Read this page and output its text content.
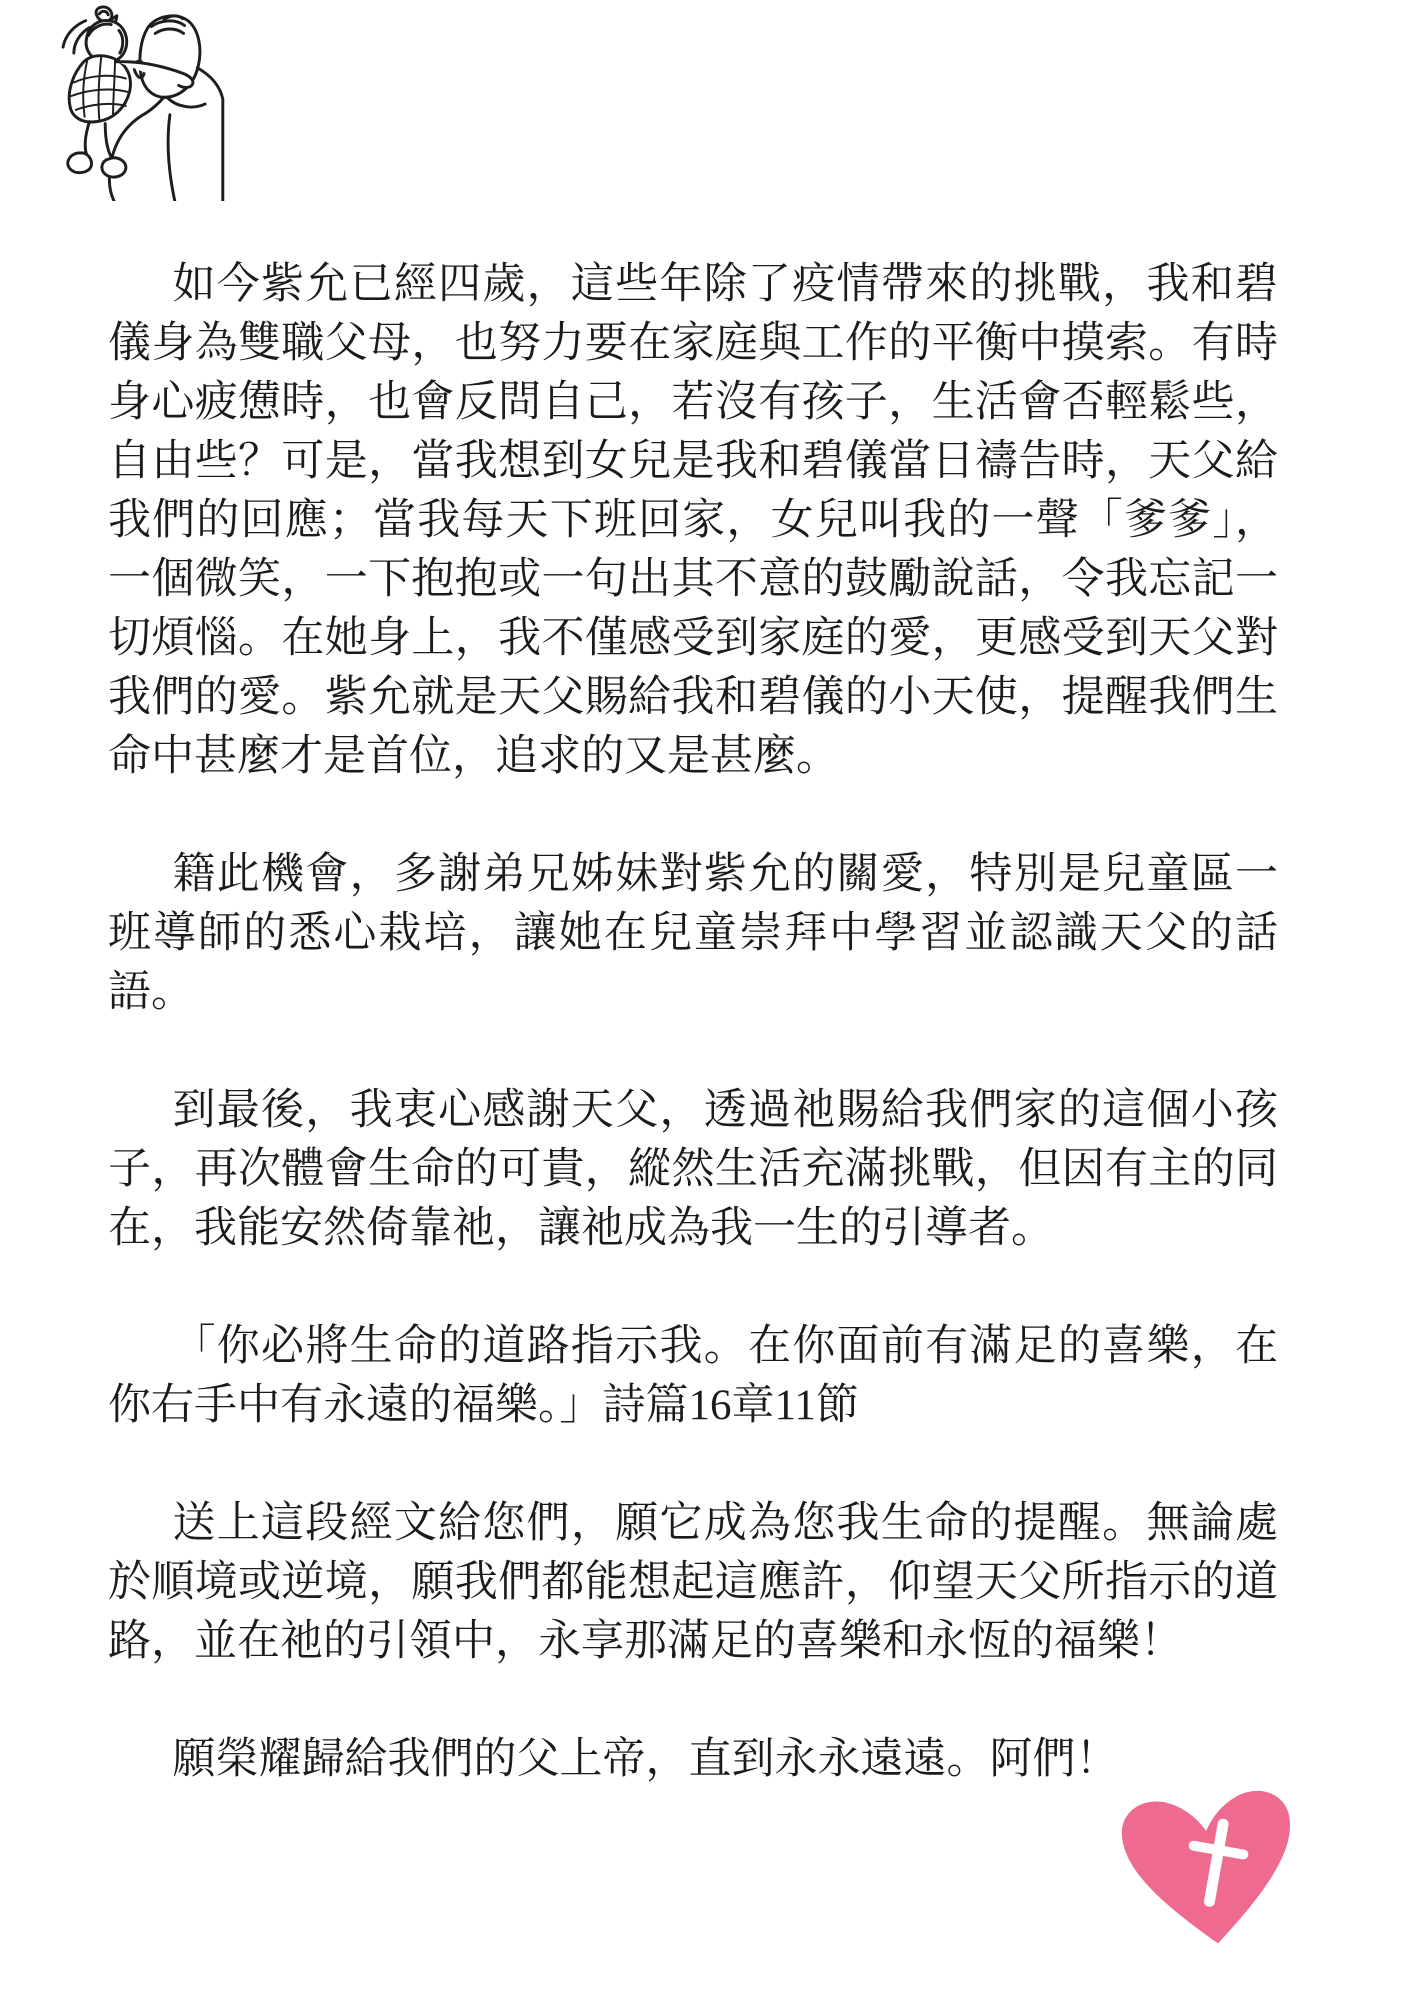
如今紫允已經四歲，這些年除了疫情帶來的挑戰，我和碧儀身為雙職父母，也努力要在家庭與工作的平衡中摸索。有時身心疲憊時，也會反問自己，若沒有孩子，生活會否輕鬆些，自由些？可是，當我想到女兒是我和碧儀當日禱告時，天父給我們的回應；當我每天下班回家，女兒叫我的一聲「爹爹」，一個微笑，一下抱抱或一句出其不意的鼓勵說話，令我忘記一切煩惱。在她身上，我不僅感受到家庭的愛，更感受到天父對我們的愛。紫允就是天父賜給我和碧儀的小天使，提醒我們生命中甚麼才是首位，追求的又是甚麼。

籍此機會，多謝弟兄姊妹對紫允的關愛，特別是兒童區一班導師的悉心栽培，讓她在兒童崇拜中學習並認識天父的話語。

到最後，我衷心感謝天父，透過祂賜給我們家的這個小孩子，再次體會生命的可貴，縱然生活充滿挑戰，但因有主的同在，我能安然倚靠祂，讓祂成為我一生的引導者。

「你必將生命的道路指示我。在你面前有滿足的喜樂，在你右手中有永遠的福樂。」詩篇16章11節

送上這段經文給您們，願它成為您我生命的提醒。無論處於順境或逆境，願我們都能想起這應許，仰望天父所指示的道路，並在祂的引領中，永享那滿足的喜樂和永恆的福樂！

願榮耀歸給我們的父上帝，直到永永遠遠。阿們！
